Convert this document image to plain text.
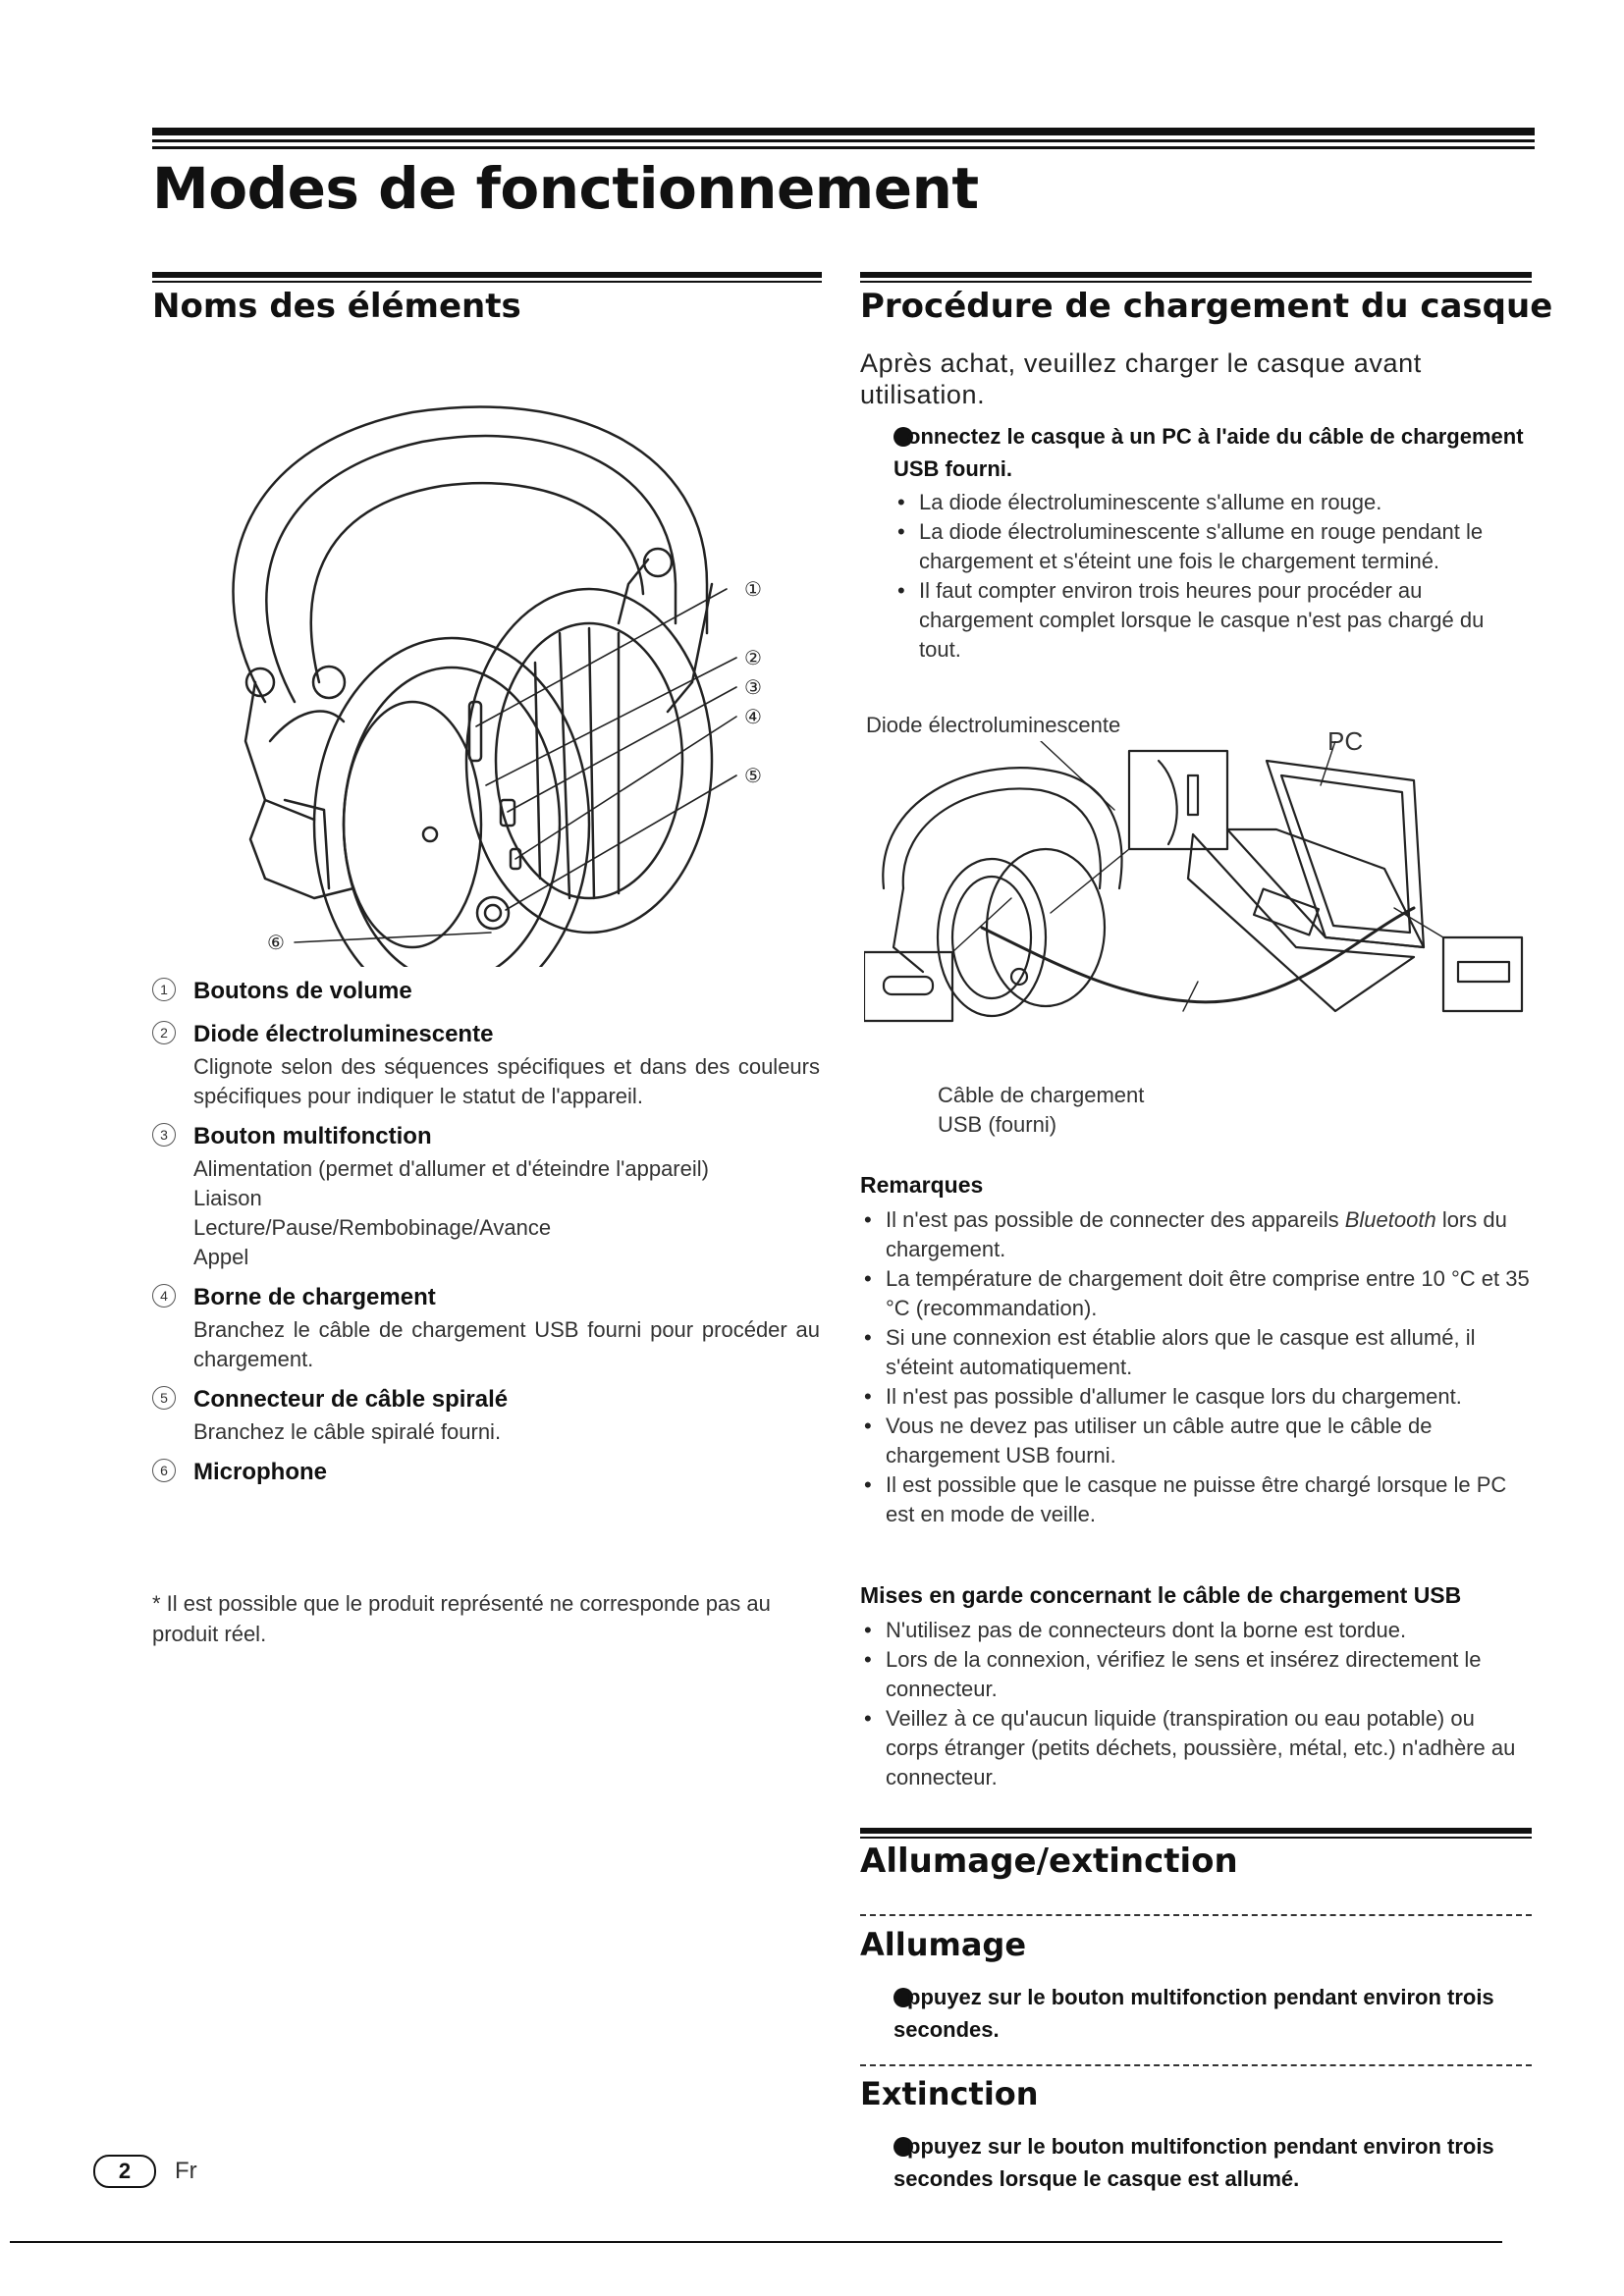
Modes de fonctionnement
Noms des éléments
①
②
③
④
⑤
⑥
1	Boutons de volume
2	Diode électroluminescente
Clignote selon des séquences spécifiques et dans des couleurs spécifiques pour indiquer le statut de l'appareil.
3	Bouton multifonction
Alimentation (permet d'allumer et d'éteindre l'appareil)
Liaison
Lecture/Pause/Rembobinage/Avance
Appel
4	Borne de chargement
Branchez le câble de chargement USB fourni pour procéder au chargement.
5	Connecteur de câble spiralé
Branchez le câble spiralé fourni.
6	Microphone
* Il est possible que le produit représenté ne corresponde pas au produit réel.
Procédure de chargement du casque
Après achat, veuillez charger le casque avant utilisation.
onnectez le casque à un PC à l'aide du câble de chargement USB fourni.
• La diode électroluminescente s'allume en rouge.
• La diode électroluminescente s'allume en rouge pendant le chargement et s'éteint une fois le chargement terminé.
• Il faut compter environ trois heures pour procéder au chargement complet lorsque le casque n'est pas chargé du tout.
Diode électroluminescente
PC
Câble de chargement
USB (fourni)
Remarques
• Il n'est pas possible de connecter des appareils Bluetooth lors du chargement.
• La température de chargement doit être comprise entre 10 °C et 35 °C (recommandation).
• Si une connexion est établie alors que le casque est allumé, il s'éteint automatiquement.
• Il n'est pas possible d'allumer le casque lors du chargement.
• Vous ne devez pas utiliser un câble autre que le câble de chargement USB fourni.
• Il est possible que le casque ne puisse être chargé lorsque le PC est en mode de veille.
Mises en garde concernant le câble de chargement USB
• N'utilisez pas de connecteurs dont la borne est tordue.
• Lors de la connexion, vérifiez le sens et insérez directement le connecteur.
• Veillez à ce qu'aucun liquide (transpiration ou eau potable) ou corps étranger (petits déchets, poussière, métal, etc.) n'adhère au connecteur.
Allumage/extinction
Allumage
ppuyez sur le bouton multifonction pendant environ trois secondes.
Extinction
ppuyez sur le bouton multifonction pendant environ trois secondes lorsque le casque est allumé.
2	Fr
